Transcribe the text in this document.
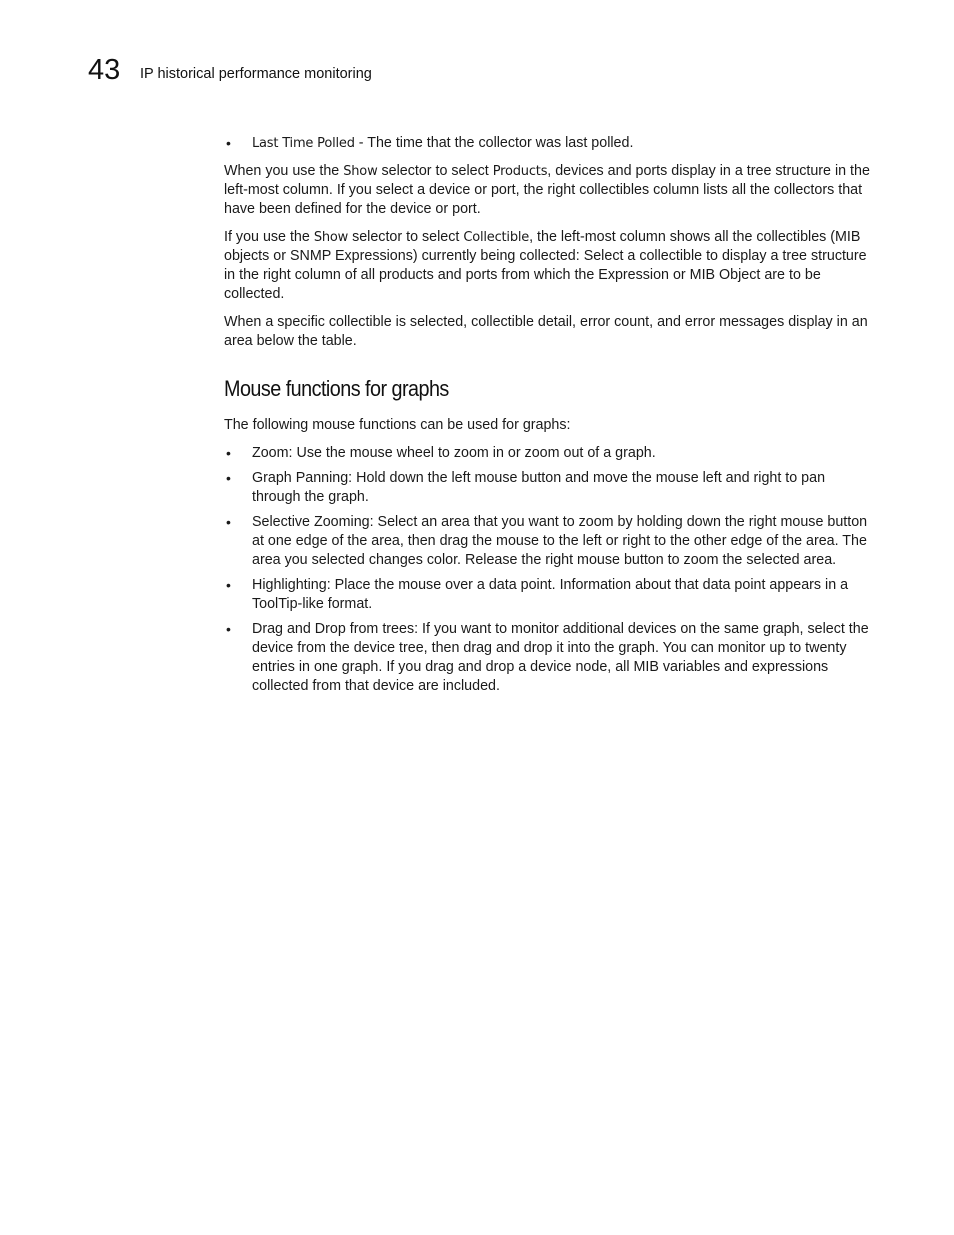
43 IP historical performance monitoring
• Last Time Polled - The time that the collector was last polled.

When you use the Show selector to select Products, devices and ports display in a tree structure in the left-most column. If you select a device or port, the right collectibles column lists all the collectors that have been defined for the device or port.

If you use the Show selector to select Collectible, the left-most column shows all the collectibles (MIB objects or SNMP Expressions) currently being collected: Select a collectible to display a tree structure in the right column of all products and ports from which the Expression or MIB Object are to be collected.

When a specific collectible is selected, collectible detail, error count, and error messages display in an area below the table.

Mouse functions for graphs

The following mouse functions can be used for graphs:

• Zoom: Use the mouse wheel to zoom in or zoom out of a graph.
• Graph Panning: Hold down the left mouse button and move the mouse left and right to pan through the graph.
• Selective Zooming: Select an area that you want to zoom by holding down the right mouse button at one edge of the area, then drag the mouse to the left or right to the other edge of the area. The area you selected changes color. Release the right mouse button to zoom the selected area.
• Highlighting: Place the mouse over a data point. Information about that data point appears in a ToolTip-like format.
• Drag and Drop from trees: If you want to monitor additional devices on the same graph, select the device from the device tree, then drag and drop it into the graph. You can monitor up to twenty entries in one graph. If you drag and drop a device node, all MIB variables and expressions collected from that device are included.
